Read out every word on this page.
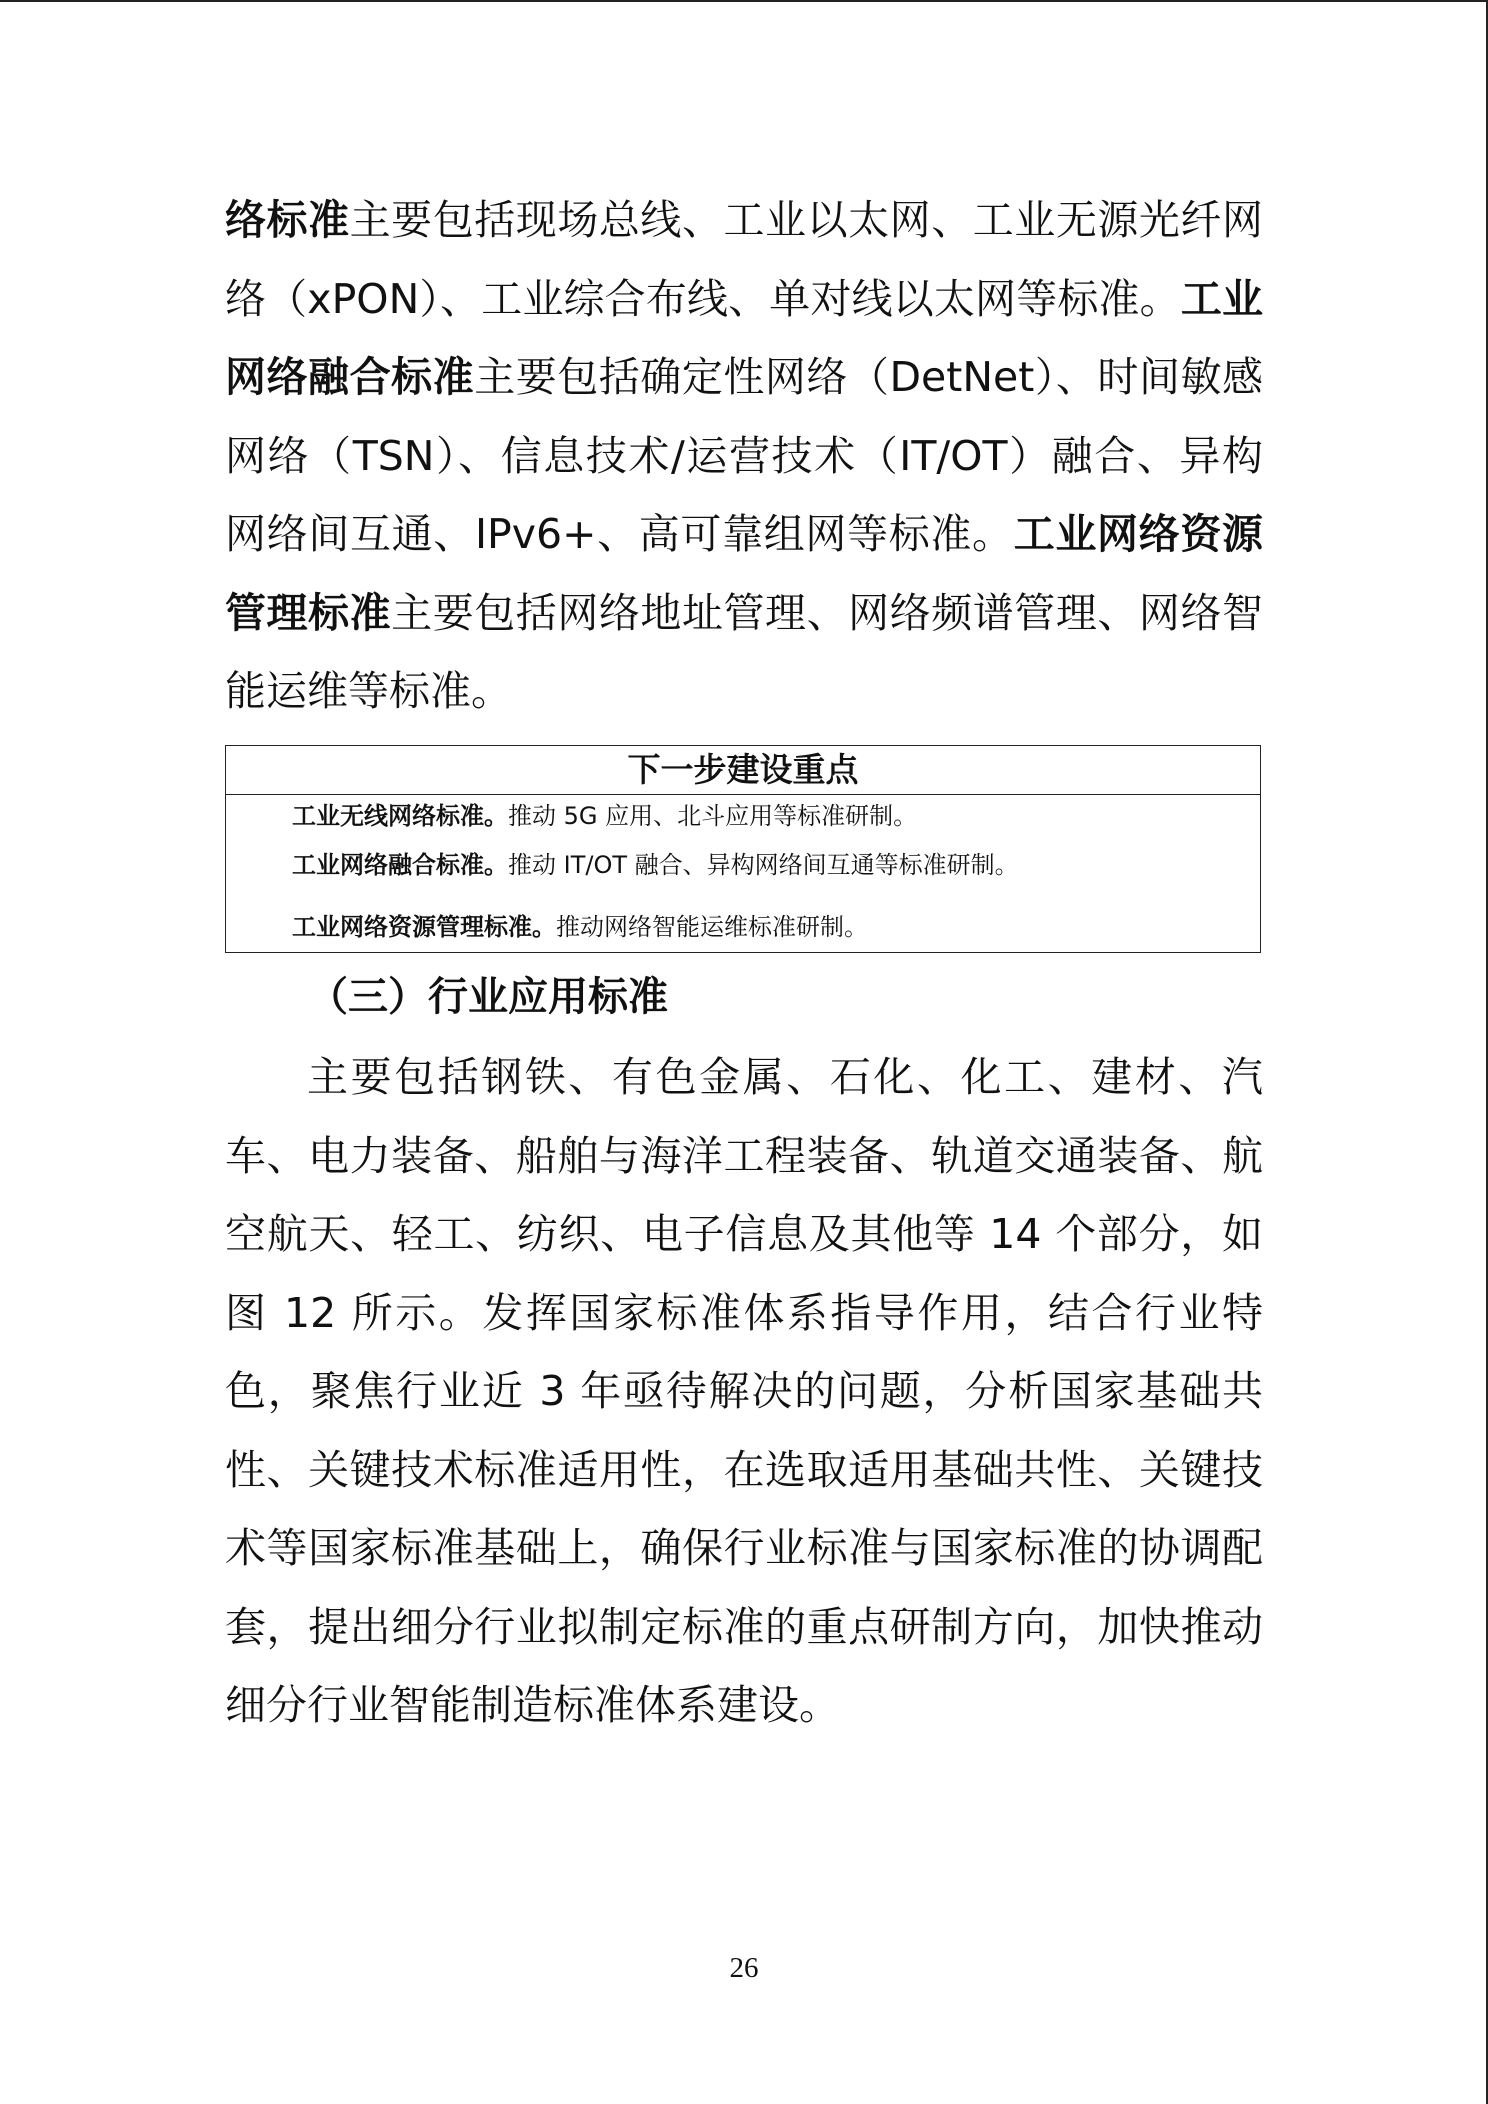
络标准主要包括现场总线、工业以太网、工业无源光纤网络（xPON）、工业综合布线、单对线以太网等标准。工业网络融合标准主要包括确定性网络（DetNet）、时间敏感网络（TSN）、信息技术/运营技术（IT/OT）融合、异构网络间互通、IPv6+、高可靠组网等标准。工业网络资源管理标准主要包括网络地址管理、网络频谱管理、网络智能运维等标准。

下一步建设重点
工业无线网络标准。推动 5G 应用、北斗应用等标准研制。
工业网络融合标准。推动 IT/OT 融合、异构网络间互通等标准研制。
工业网络资源管理标准。推动网络智能运维标准研制。
（三）行业应用标准

主要包括钢铁、有色金属、石化、化工、建材、汽车、电力装备、船舶与海洋工程装备、轨道交通装备、航空航天、轻工、纺织、电子信息及其他等 14 个部分，如图 12 所示。发挥国家标准体系指导作用，结合行业特色，聚焦行业近 3 年亟待解决的问题，分析国家基础共性、关键技术标准适用性，在选取适用基础共性、关键技术等国家标准基础上，确保行业标准与国家标准的协调配套，提出细分行业拟制定标准的重点研制方向，加快推动细分行业智能制造标准体系建设。

26
